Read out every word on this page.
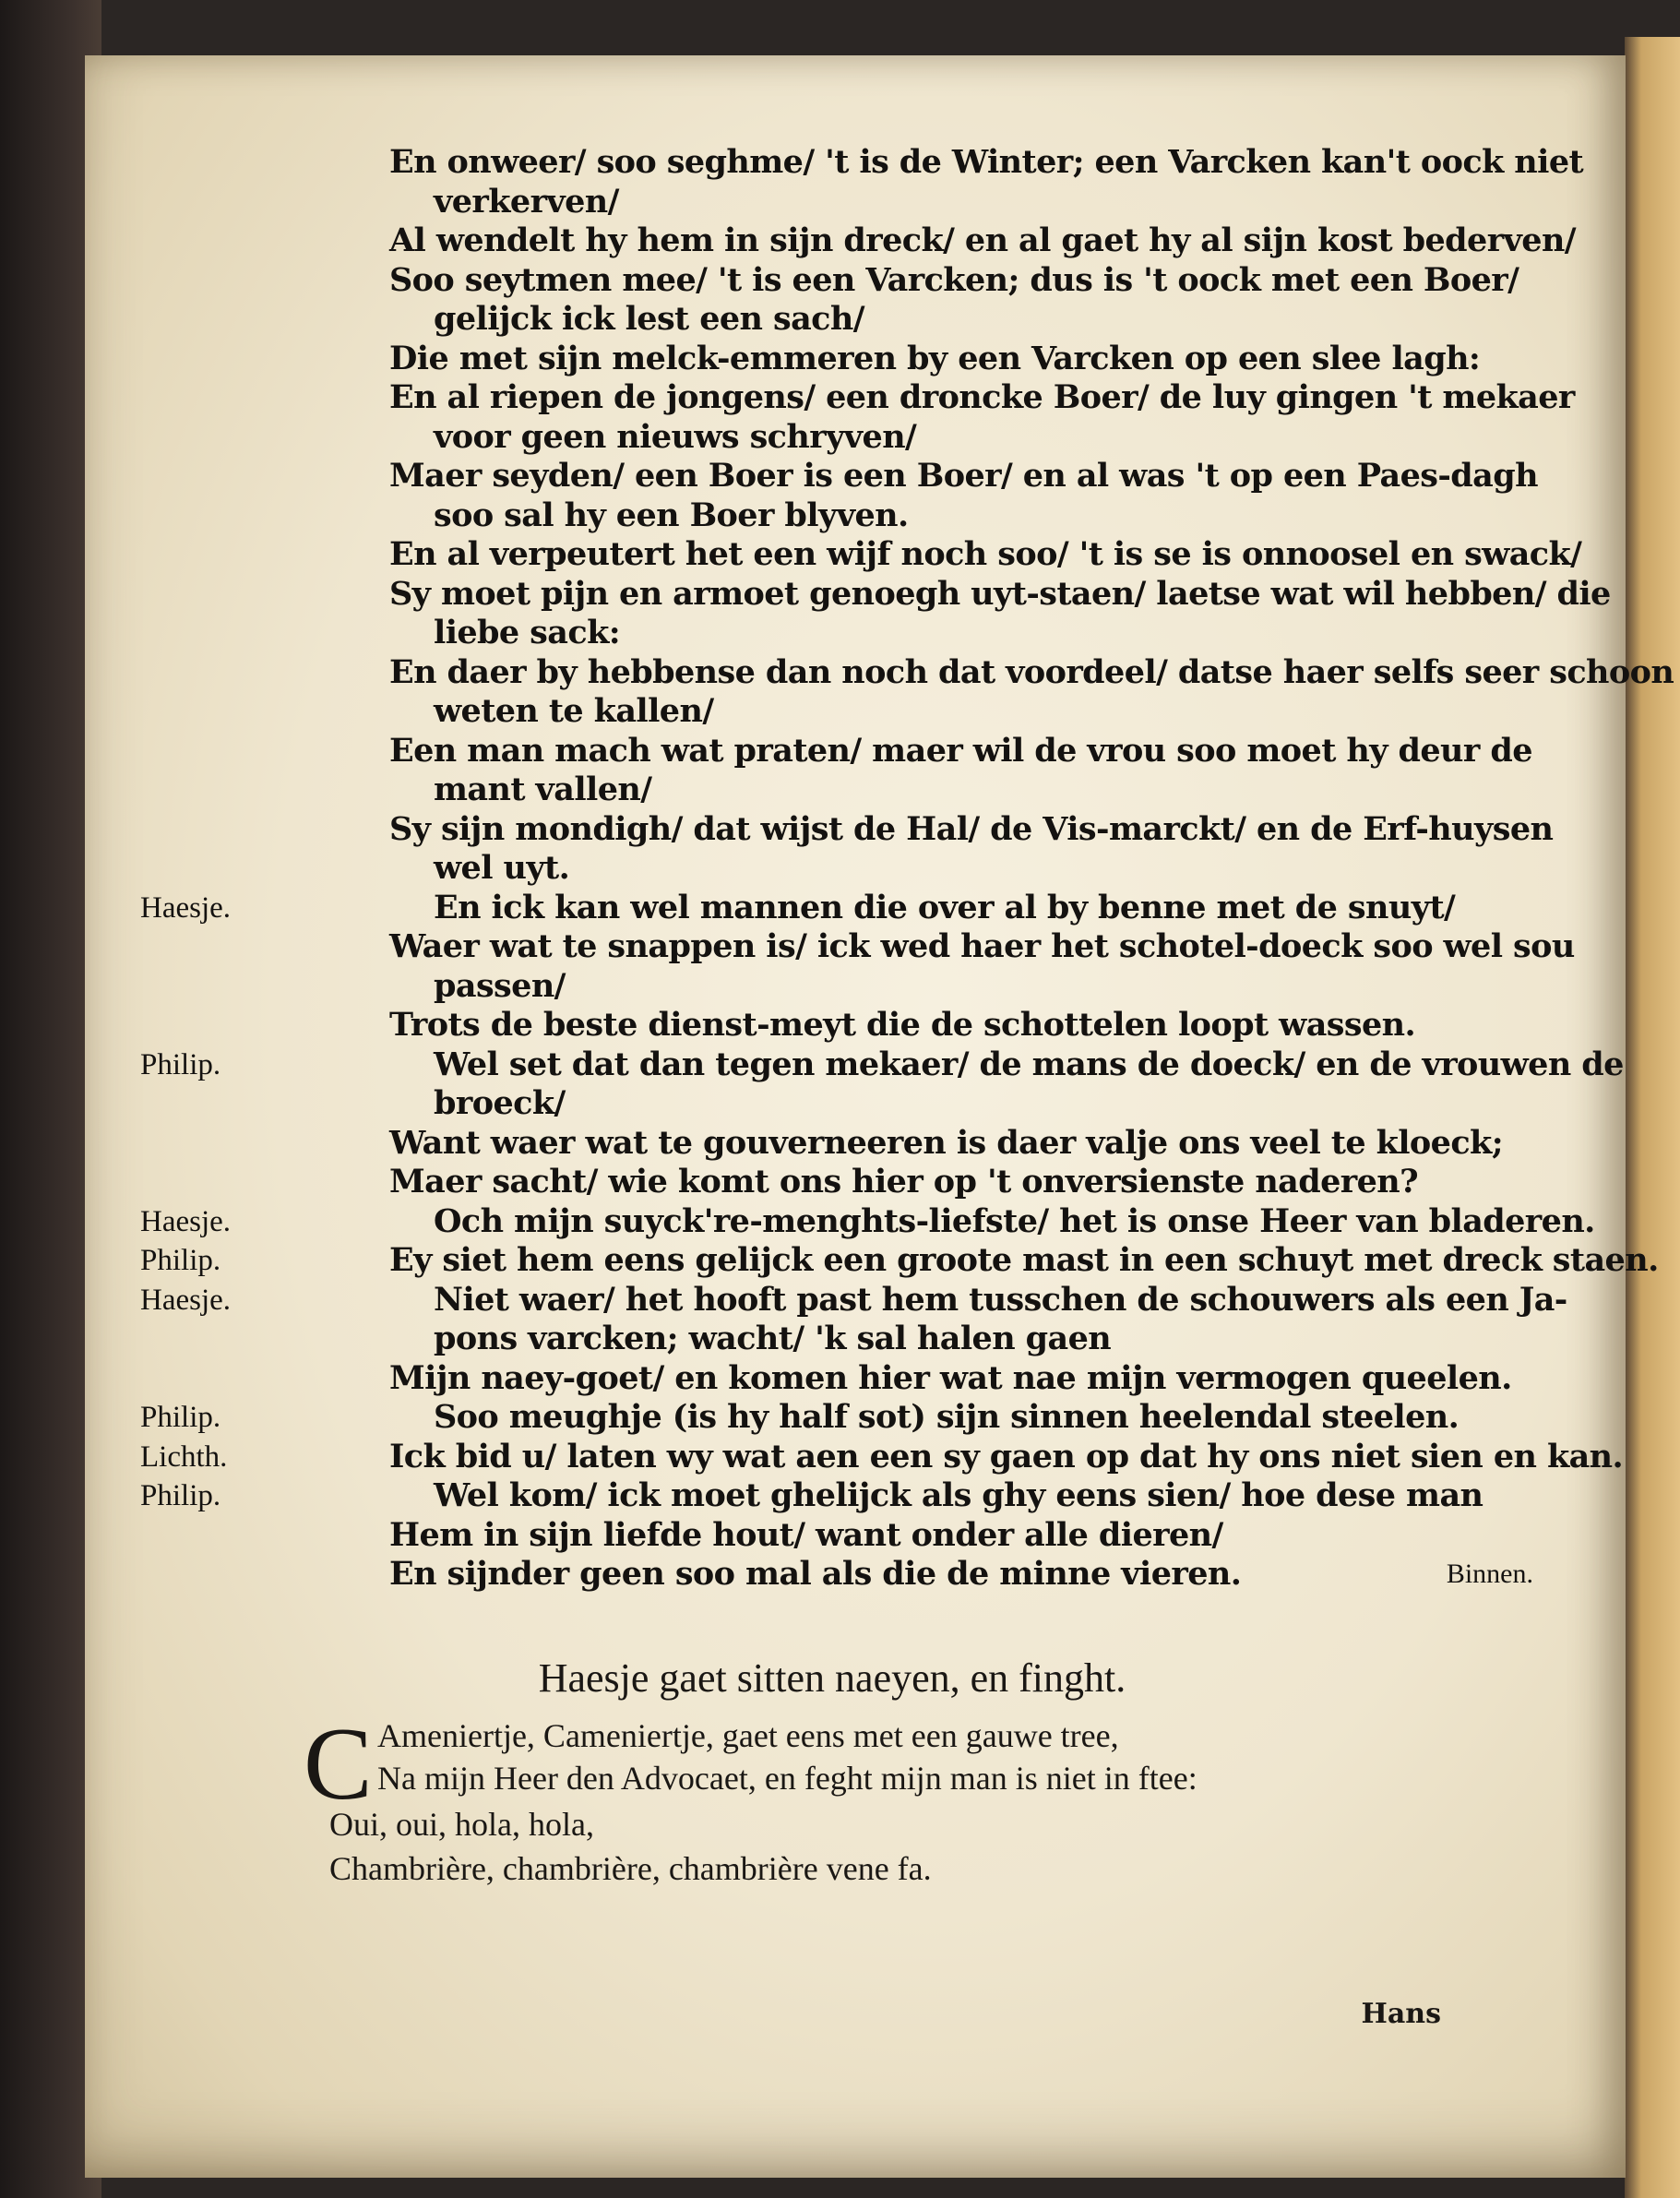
En onweer/ soo seghme/ 't is de Winter; een Varcken kan't oock niet
verkerven/
Al wendelt hy hem in sijn dreck/ en al gaet hy al sijn kost bederven/
Soo seytmen mee/ 't is een Varcken; dus is 't oock met een Boer/
gelijck ick lest een sach/
Die met sijn melck-emmeren by een Varcken op een slee lagh:
En al riepen de jongens/ een droncke Boer/ de luy gingen 't mekaer
voor geen nieuws schryven/
Maer seyden/ een Boer is een Boer/ en al was 't op een Paes-dagh
soo sal hy een Boer blyven.
En al verpeutert het een wijf noch soo/ 't is se is onnoosel en swack/
Sy moet pijn en armoet genoegh uyt-staen/ laetse wat wil hebben/ die
liebe sack:
En daer by hebbense dan noch dat voordeel/ datse haer selfs seer schoon
weten te kallen/
Een man mach wat praten/ maer wil de vrou soo moet hy deur de
mant vallen/
Sy sijn mondigh/ dat wijst de Hal/ de Vis-marckt/ en de Erf-huysen
wel uyt.
Haesje.	En ick kan wel mannen die over al by benne met de snuyt/
Waer wat te snappen is/ ick wed haer het schotel-doeck soo wel sou
passen/
Trots de beste dienst-meyt die de schottelen loopt wassen.
Philip.	Wel set dat dan tegen mekaer/ de mans de doeck/ en de vrouwen de
broeck/
Want waer wat te gouverneeren is daer valje ons veel te kloeck;
Maer sacht/ wie komt ons hier op 't onversienste naderen?
Haesje.	Och mijn suyck're-menghts-liefste/ het is onse Heer van bladeren.
Philip.	Ey siet hem eens gelijck een groote mast in een schuyt met dreck staen.
Haesje.	Niet waer/ het hooft past hem tusschen de schouwers als een Ja-
pons varcken; wacht/ 'k sal halen gaen
Mijn naey-goet/ en komen hier wat nae mijn vermogen queelen.
Philip.	Soo meughje (is hy half sot) sijn sinnen heelendal steelen.
Lichth.	Ick bid u/ laten wy wat aen een sy gaen op dat hy ons niet sien en kan.
Philip.	Wel kom/ ick moet ghelijck als ghy eens sien/ hoe dese man
Hem in sijn liefde hout/ want onder alle dieren/
En sijnder geen soo mal als die de minne vieren.	Binnen.
Haesje gaet sitten naeyen, en finght.
C Ameniertje, Cameniertje, gaet eens met een gauwe tree,
Na mijn Heer den Advocaet, en feght mijn man is niet in ftee:
Oui, oui, hola, hola,
Chambrière, chambrière, chambrière vene fa.
Hans
